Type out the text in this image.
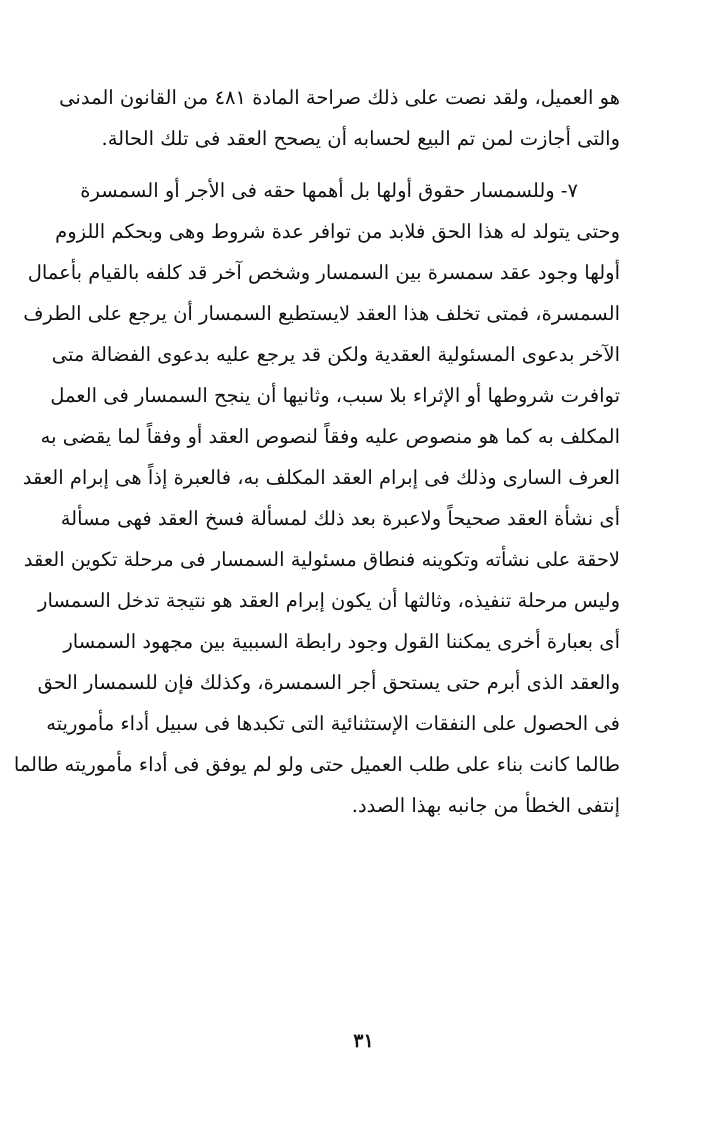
هو العميل، ولقد نصت على ذلك صراحة المادة ٤٨١ من القانون المدنى
والتى أجازت لمن تم البيع لحسابه أن يصحح العقد فى تلك الحالة.
٧- وللسمسار حقوق أولها بل أهمها حقه فى الأجر أو السمسرة
وحتى يتولد له هذا الحق فلابد من توافر عدة شروط وهى وبحكم اللزوم
أولها وجود عقد سمسرة بين السمسار وشخص آخر قد كلفه بالقيام بأعمال
السمسرة، فمتى تخلف هذا العقد لايستطيع السمسار أن يرجع على الطرف
الآخر بدعوى المسئولية العقدية ولكن قد يرجع عليه بدعوى الفضالة متى
توافرت شروطها أو الإثراء بلا سبب، وثانيها أن ينجح السمسار فى العمل
المكلف به كما هو منصوص عليه وفقاً لنصوص العقد أو وفقاً لما يقضى به
العرف السارى وذلك فى إبرام العقد المكلف به، فالعبرة إذاً هى إبرام العقد
أى نشأة العقد صحيحاً ولاعبرة بعد ذلك لمسألة فسخ العقد فهى مسألة
لاحقة على نشأته وتكوينه فنطاق مسئولية السمسار فى مرحلة تكوين العقد
وليس مرحلة تنفيذه، وثالثها أن يكون إبرام العقد هو نتيجة تدخل السمسار
أى بعبارة أخرى يمكننا القول وجود رابطة السببية بين مجهود السمسار
والعقد الذى أبرم حتى يستحق أجر السمسرة، وكذلك فإن للسمسار الحق
فى الحصول على النفقات الإستثنائية التى تكبدها فى سبيل أداء مأموريته
طالما كانت بناء على طلب العميل حتى ولو لم يوفق فى أداء مأموريته طالما
إنتفى الخطأ من جانبه بهذا الصدد.
٣١
